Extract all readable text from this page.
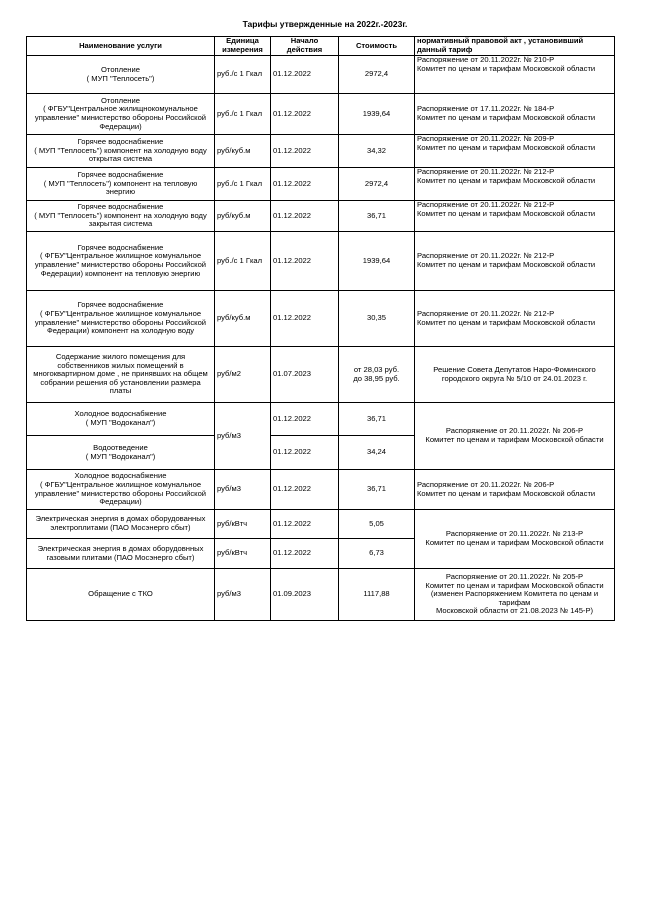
Тарифы утвержденные на 2022г.-2023г.
Наименование услуги	Единица измерения	Начало действия	Стоимость	нормативный правовой акт , установивший данный тариф
Отопление
( МУП "Теплосеть")	руб./с 1 Гкал	01.12.2022	2972,4	Распоряжение от 20.11.2022г. № 210-Р
Комитет по ценам и тарифам Московской области
Отопление
( ФГБУ"Центральное жилищнокомунальное управление" министерство обороны Российской Федерации)	руб./с 1 Гкал	01.12.2022	1939,64	Распоряжение от 17.11.2022г. № 184-Р
Комитет по ценам и тарифам Московской области
Горячее водоснабжение
( МУП "Теплосеть") компонент на холодную воду открытая система	руб/куб.м	01.12.2022	34,32	Распоряжение от 20.11.2022г. № 209-Р
Комитет по ценам и тарифам Московской области
Горячее водоснабжение
( МУП "Теплосеть") компонент на тепловую энергию	руб./с 1 Гкал	01.12.2022	2972,4	Распоряжение от 20.11.2022г. № 212-Р
Комитет по ценам и тарифам Московской области
Горячее водоснабжение
( МУП "Теплосеть") компонент на холодную воду закрытая система	руб/куб.м	01.12.2022	36,71	Распоряжение от 20.11.2022г. № 212-Р
Комитет по ценам и тарифам Московской области
Горячее водоснабжение
( ФГБУ"Центральное жилищное комунальное управление" министерство обороны Российской Федерации) компонент на тепловую энергию	руб./с 1 Гкал	01.12.2022	1939,64	Распоряжение от 20.11.2022г. № 212-Р
Комитет по ценам и тарифам Московской области
Горячее водоснабжение
( ФГБУ"Центральное жилищное комунальное управление" министерство обороны Российской Федерации) компонент на холодную воду	руб/куб.м	01.12.2022	30,35	Распоряжение от 20.11.2022г. № 212-Р
Комитет по ценам и тарифам Московской области
Содержание жилого помещения для собственников жилых помещений в многоквартирном доме , не принявших на общем собрании решения об установлении размера платы	руб/м2	01.07.2023	от 28,03 руб.
до 38,95 руб.	Решение Совета Депутатов Наро-Фоминского городского округа № 5/10 от 24.01.2023 г.
Холодное водоснабжение
( МУП "Водоканал")	руб/м3	01.12.2022	36,71	Распоряжение от 20.11.2022г. № 206-Р
Комитет по ценам и тарифам Московской области
Водоотведение
( МУП "Водоканал")		01.12.2022	34,24	
Холодное водоснабжение
( ФГБУ"Центральное жилищное комунальное управление" министерство обороны Российской Федерации)	руб/м3	01.12.2022	36,71	Распоряжение от 20.11.2022г. № 206-Р
Комитет по ценам и тарифам Московской области
Электрическая энергия в домах оборудованных электроплитами (ПАО Мосэнерго сбыт)	руб/кВтч	01.12.2022	5,05	Распоряжение от 20.11.2022г. № 213-Р
Комитет по ценам и тарифам Московской области
Электрическая энергия в домах оборудовнных газовыми плитами (ПАО Мосэнерго сбыт)	руб/кВтч	01.12.2022	6,73	
Обращение с ТКО	руб/м3	01.09.2023	1117,88	Распоряжение от 20.11.2022г. № 205-Р
Комитет по ценам и тарифам Московской области (изменен Распоряжением Комитета по ценам и тарифам
Московской области от 21.08.2023 № 145-Р)
